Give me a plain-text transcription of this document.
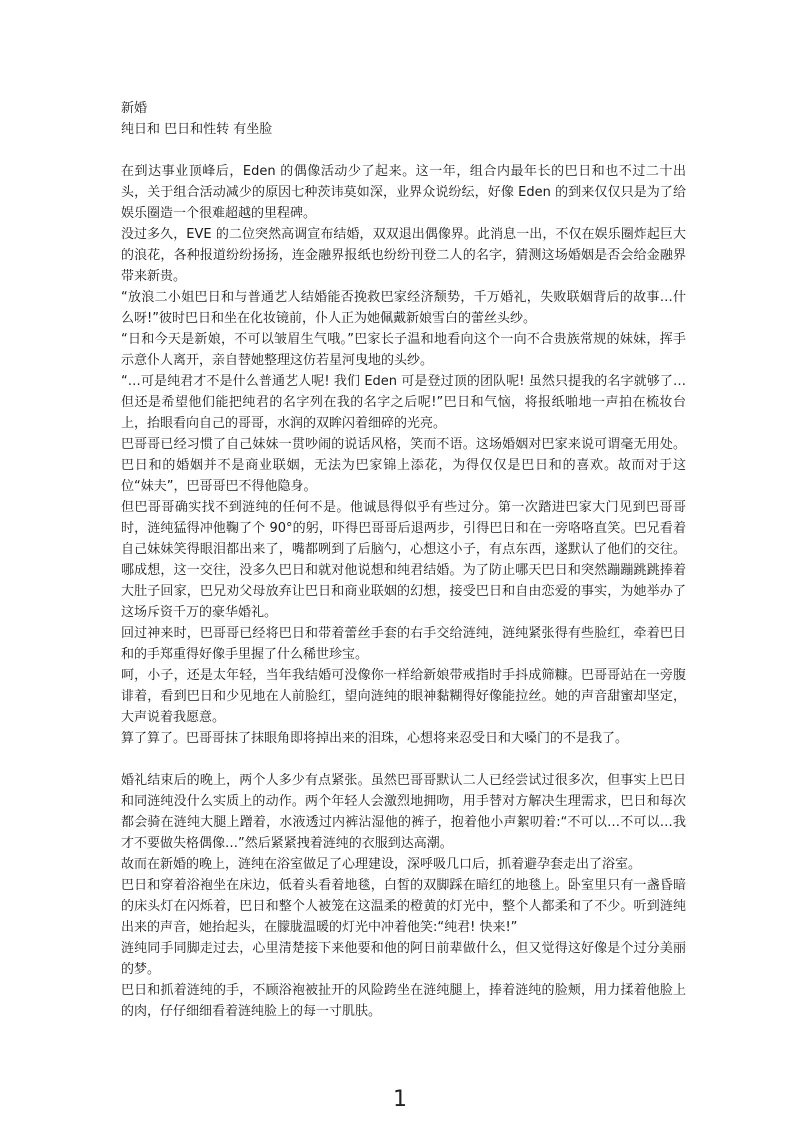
新婚

纯日和 巴日和性转 有坐脸

在到达事业顶峰后，Eden 的偶像活动少了起来。这一年，组合内最年长的巴日和也不过二十出头，关于组合活动减少的原因七种茨讳莫如深，业界众说纷纭，好像 Eden 的到来仅仅只是为了给娱乐圈造一个很难超越的里程碑。

没过多久，EVE 的二位突然高调宣布结婚，双双退出偶像界。此消息一出，不仅在娱乐圈炸起巨大的浪花，各种报道纷纷扬扬，连金融界报纸也纷纷刊登二人的名字，猜测这场婚姻是否会给金融界带来新贵。

“放浪二小姐巴日和与普通艺人结婚能否挽救巴家经济颓势，千万婚礼，失败联姻背后的故事…什么呀!”彼时巴日和坐在化妆镜前，仆人正为她佩戴新娘雪白的蕾丝头纱。

“日和今天是新娘，不可以皱眉生气哦。”巴家长子温和地看向这个一向不合贵族常规的妹妹，挥手示意仆人离开，亲自替她整理这仿若星河曳地的头纱。

“…可是纯君才不是什么普通艺人呢! 我们 Eden 可是登过顶的团队呢! 虽然只提我的名字就够了…但还是希望他们能把纯君的名字列在我的名字之后呢!”巴日和气恼，将报纸啪地一声拍在梳妆台上，抬眼看向自己的哥哥，水润的双眸闪着细碎的光亮。

巴哥哥已经习惯了自己妹妹一贯吵闹的说话风格，笑而不语。这场婚姻对巴家来说可谓毫无用处。巴日和的婚姻并不是商业联姻，无法为巴家锦上添花，为得仅仅是巴日和的喜欢。故而对于这位“妹夫”，巴哥哥巴不得他隐身。

但巴哥哥确实找不到涟纯的任何不是。他诚恳得似乎有些过分。第一次踏进巴家大门见到巴哥哥时，涟纯猛得冲他鞠了个 90°的躬，吓得巴哥哥后退两步，引得巴日和在一旁咯咯直笑。巴兄看着自己妹妹笑得眼泪都出来了，嘴都咧到了后脑勺，心想这小子，有点东西，遂默认了他们的交往。哪成想，这一交往，没多久巴日和就对他说想和纯君结婚。为了防止哪天巴日和突然蹦蹦跳跳捧着大肚子回家，巴兄劝父母放弃让巴日和商业联姻的幻想，接受巴日和自由恋爱的事实，为她举办了这场斥资千万的豪华婚礼。

回过神来时，巴哥哥已经将巴日和带着蕾丝手套的右手交给涟纯，涟纯紧张得有些脸红，牵着巴日和的手郑重得好像手里握了什么稀世珍宝。

呵，小子，还是太年轻，当年我结婚可没像你一样给新娘带戒指时手抖成筛糠。巴哥哥站在一旁腹诽着，看到巴日和少见地在人前脸红，望向涟纯的眼神黏糊得好像能拉丝。她的声音甜蜜却坚定，大声说着我愿意。

算了算了。巴哥哥抹了抹眼角即将掉出来的泪珠，心想将来忍受日和大嗓门的不是我了。

婚礼结束后的晚上，两个人多少有点紧张。虽然巴哥哥默认二人已经尝试过很多次，但事实上巴日和同涟纯没什么实质上的动作。两个年轻人会激烈地拥吻，用手替对方解决生理需求，巴日和每次都会骑在涟纯大腿上蹭着，水液透过内裤沾湿他的裤子，抱着他小声絮叨着:“不可以…不可以…我才不要做失格偶像…”然后紧紧拽着涟纯的衣服到达高潮。

故而在新婚的晚上，涟纯在浴室做足了心理建设，深呼吸几口后，抓着避孕套走出了浴室。

巴日和穿着浴袍坐在床边，低着头看着地毯，白皙的双脚踩在暗红的地毯上。卧室里只有一盏昏暗的床头灯在闪烁着，巴日和整个人被笼在这温柔的橙黄的灯光中，整个人都柔和了不少。听到涟纯出来的声音，她抬起头，在朦胧温暖的灯光中冲着他笑:“纯君! 快来!”

涟纯同手同脚走过去，心里清楚接下来他要和他的阿日前辈做什么，但又觉得这好像是个过分美丽的梦。

巴日和抓着涟纯的手，不顾浴袍被扯开的风险跨坐在涟纯腿上，捧着涟纯的脸颊，用力揉着他脸上的肉，仔仔细细看着涟纯脸上的每一寸肌肤。

1
